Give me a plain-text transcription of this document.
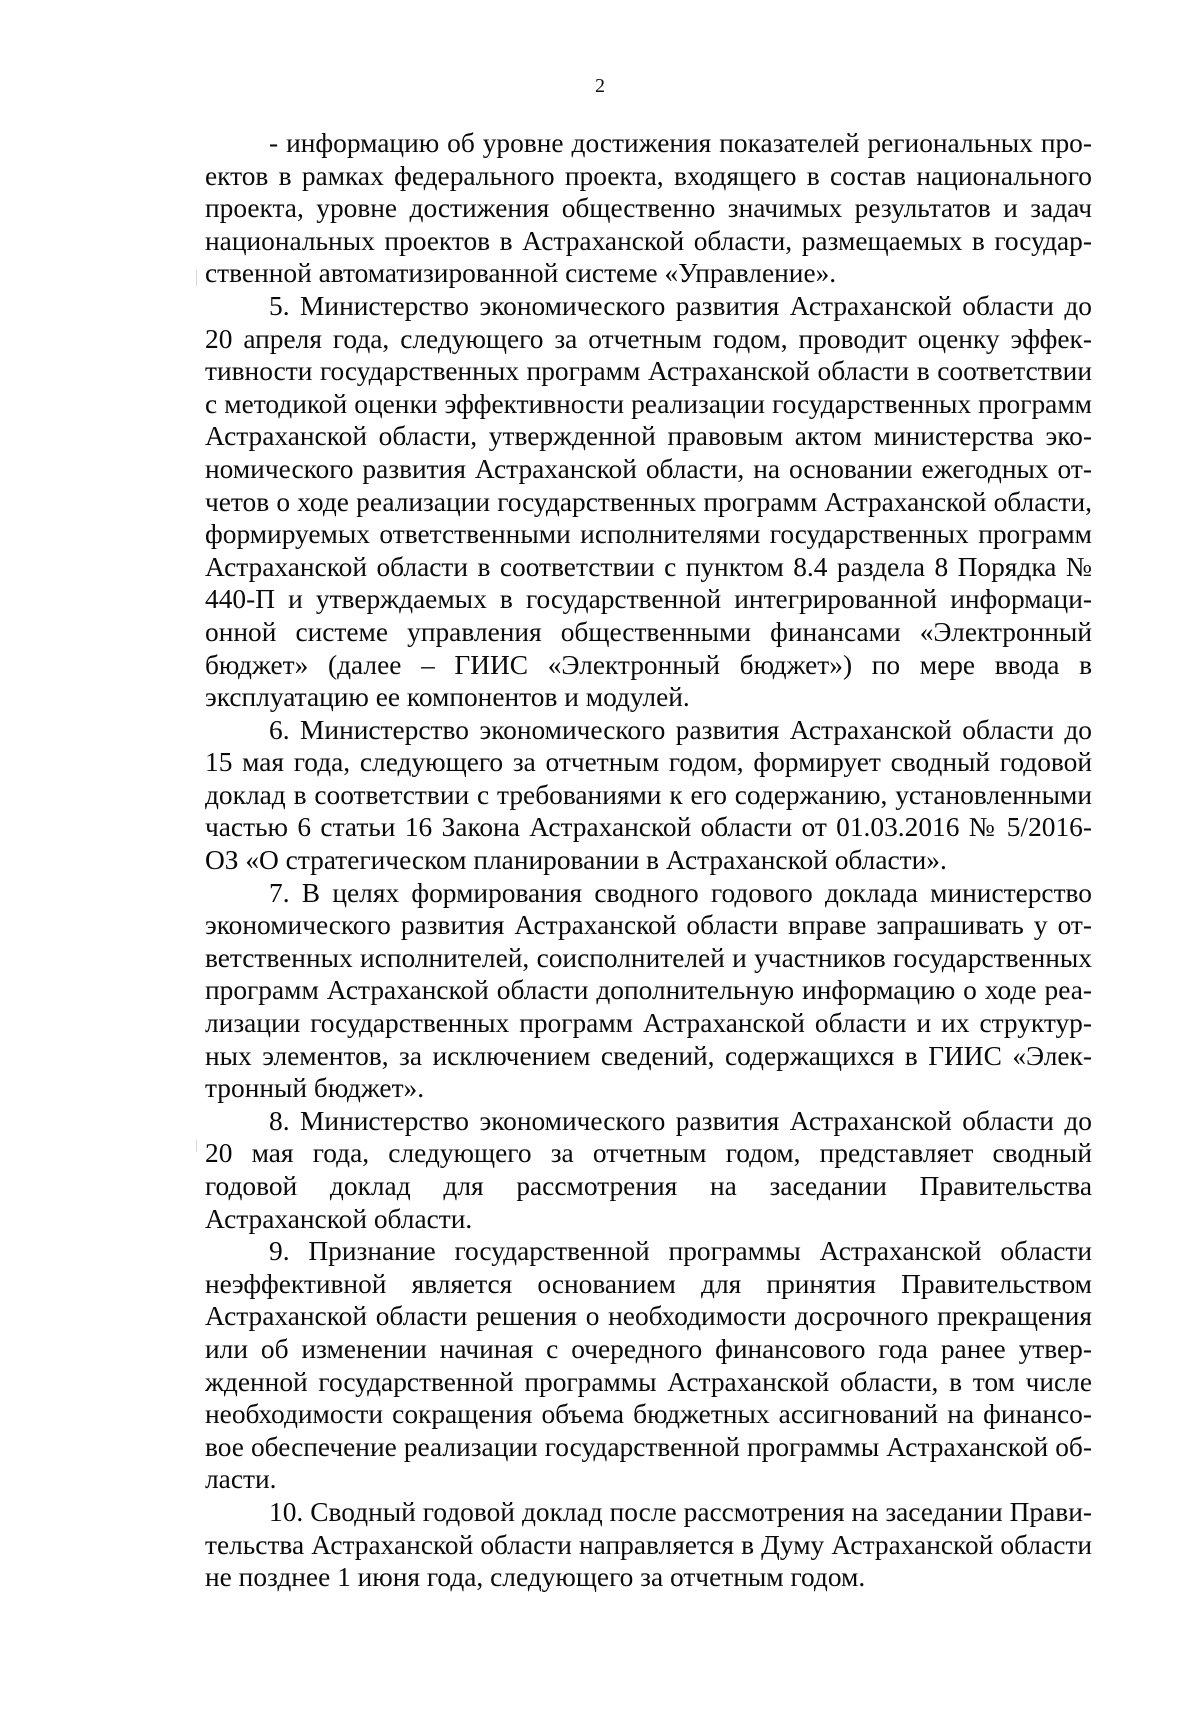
2

- информацию об уровне достижения показателей региональных проектов в рамках федерального проекта, входящего в состав национального проекта, уровне достижения общественно значимых результатов и задач национальных проектов в Астраханской области, размещаемых в государственной автоматизированной системе «Управление».

5. Министерство экономического развития Астраханской области до 20 апреля года, следующего за отчетным годом, проводит оценку эффективности государственных программ Астраханской области в соответствии с методикой оценки эффективности реализации государственных программ Астраханской области, утвержденной правовым актом министерства экономического развития Астраханской области, на основании ежегодных отчетов о ходе реализации государственных программ Астраханской области, формируемых ответственными исполнителями государственных программ Астраханской области в соответствии с пунктом 8.4 раздела 8 Порядка № 440-П и утверждаемых в государственной интегрированной информационной системе управления общественными финансами «Электронный бюджет» (далее – ГИИС «Электронный бюджет») по мере ввода в эксплуатацию ее компонентов и модулей.

6. Министерство экономического развития Астраханской области до 15 мая года, следующего за отчетным годом, формирует сводный годовой доклад в соответствии с требованиями к его содержанию, установленными частью 6 статьи 16 Закона Астраханской области от 01.03.2016 № 5/2016-ОЗ «О стратегическом планировании в Астраханской области».

7. В целях формирования сводного годового доклада министерство экономического развития Астраханской области вправе запрашивать у ответственных исполнителей, соисполнителей и участников государственных программ Астраханской области дополнительную информацию о ходе реализации государственных программ Астраханской области и их структурных элементов, за исключением сведений, содержащихся в ГИИС «Электронный бюджет».

8. Министерство экономического развития Астраханской области до 20 мая года, следующего за отчетным годом, представляет сводный годовой доклад для рассмотрения на заседании Правительства Астраханской области.

9. Признание государственной программы Астраханской области неэффективной является основанием для принятия Правительством Астраханской области решения о необходимости досрочного прекращения или об изменении начиная с очередного финансового года ранее утвержденной государственной программы Астраханской области, в том числе необходимости сокращения объема бюджетных ассигнований на финансовое обеспечение реализации государственной программы Астраханской области.

10. Сводный годовой доклад после рассмотрения на заседании Правительства Астраханской области направляется в Думу Астраханской области не позднее 1 июня года, следующего за отчетным годом.
